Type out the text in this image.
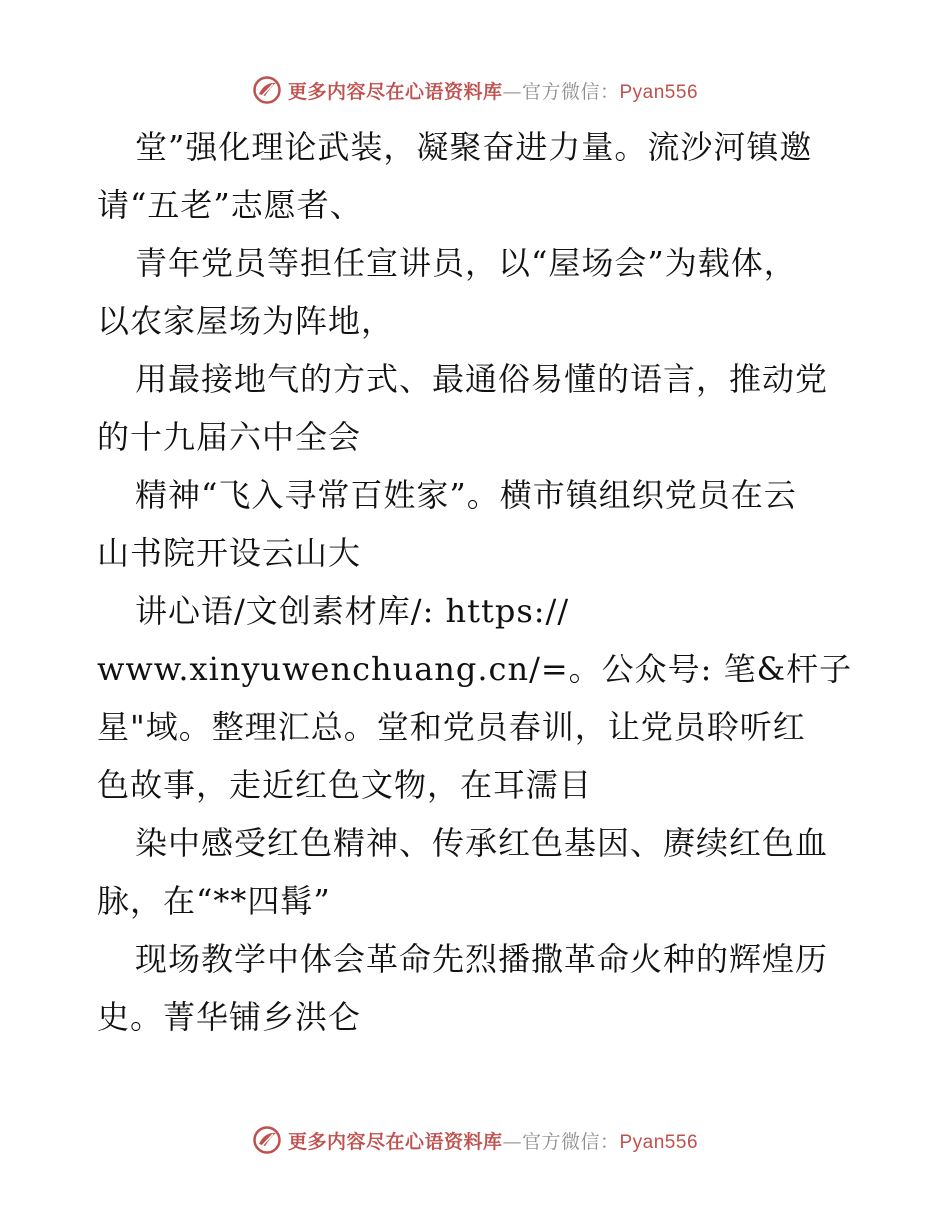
更多内容尽在心语资料库—官方微信：Pyan556
堂”强化理论武装，凝聚奋进力量。流沙河镇邀
请“五老”志愿者、
青年党员等担任宣讲员，以“屋场会”为载体，
以农家屋场为阵地，
用最接地气的方式、最通俗易懂的语言，推动党
的十九届六中全会
精神“飞入寻常百姓家”。横市镇组织党员在云
山书院开设云山大
讲心语/文创素材库/: https://
www.xinyuwenchuang.cn/=。公众号: 笔&杆子
星"域。整理汇总。堂和党员春训，让党员聆听红
色故事，走近红色文物，在耳濡目
染中感受红色精神、传承红色基因、赓续红色血
脉，在“**四髯”
现场教学中体会革命先烈播撒革命火种的辉煌历
史。菁华铺乡洪仑
更多内容尽在心语资料库—官方微信：Pyan556
